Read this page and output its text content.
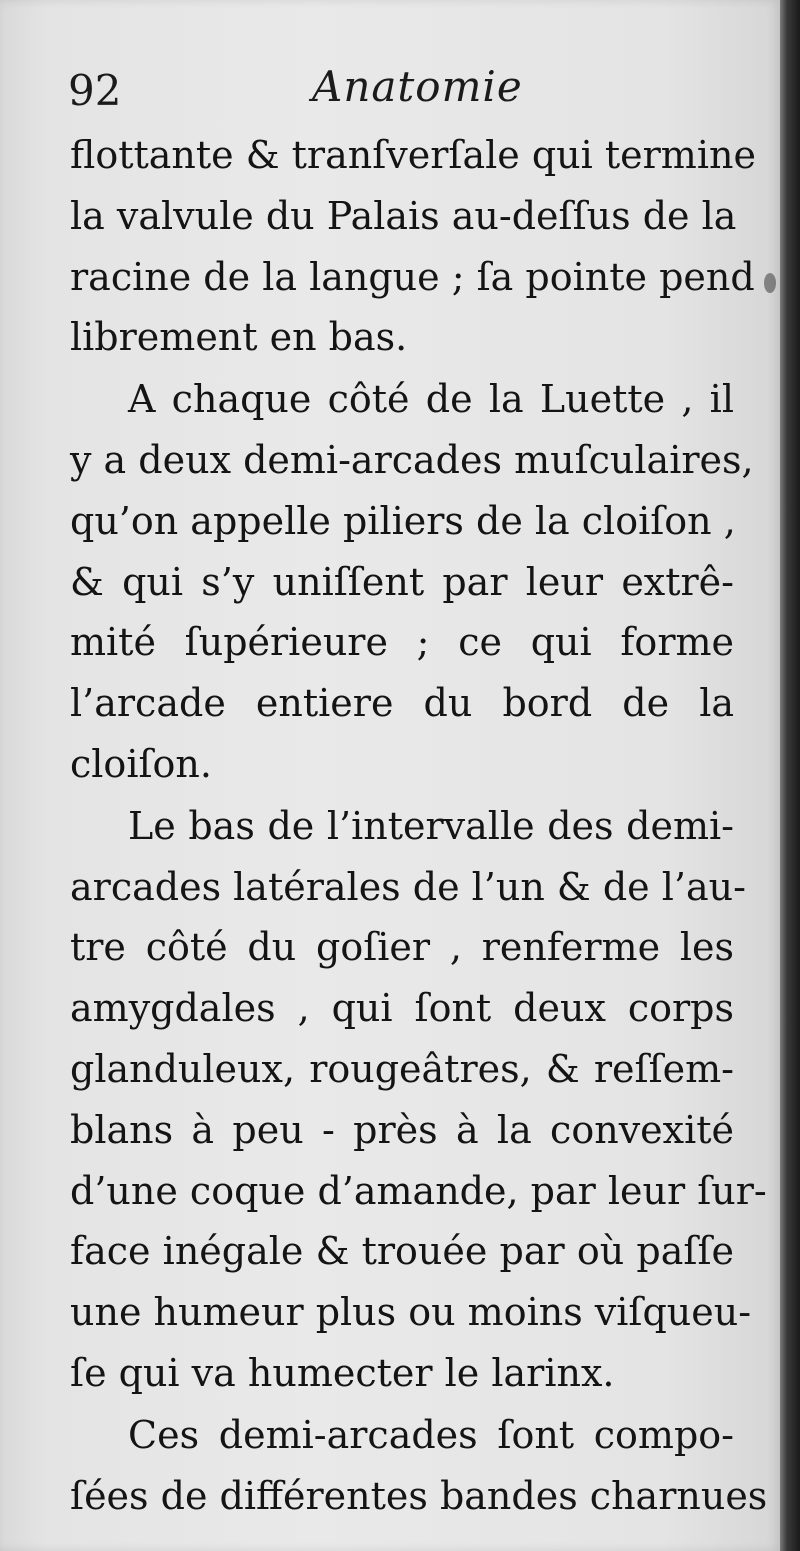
92	Anatomie
flottante & tranſverſale qui termine
la valvule du Palais au-deſſus de la
racine de la langue ; ſa pointe pend
librement en bas.
A chaque côté de la Luette , il
y a deux demi-arcades muſculaires,
qu’on appelle piliers de la cloiſon ,
& qui s’y uniſſent par leur extrê-
mité ſupérieure ; ce qui forme
l’arcade entiere du bord de la
cloiſon.
Le bas de l’intervalle des demi-
arcades latérales de l’un & de l’au-
tre côté du goſier , renferme les
amygdales , qui ſont deux corps
glanduleux, rougeâtres, & reſſem-
blans à peu - près à la convexité
d’une coque d’amande, par leur ſur-
face inégale & trouée par où paſſe
une humeur plus ou moins viſqueu-
ſe qui va humecter le larinx.
Ces demi-arcades ſont compo-
ſées de différentes bandes charnues
